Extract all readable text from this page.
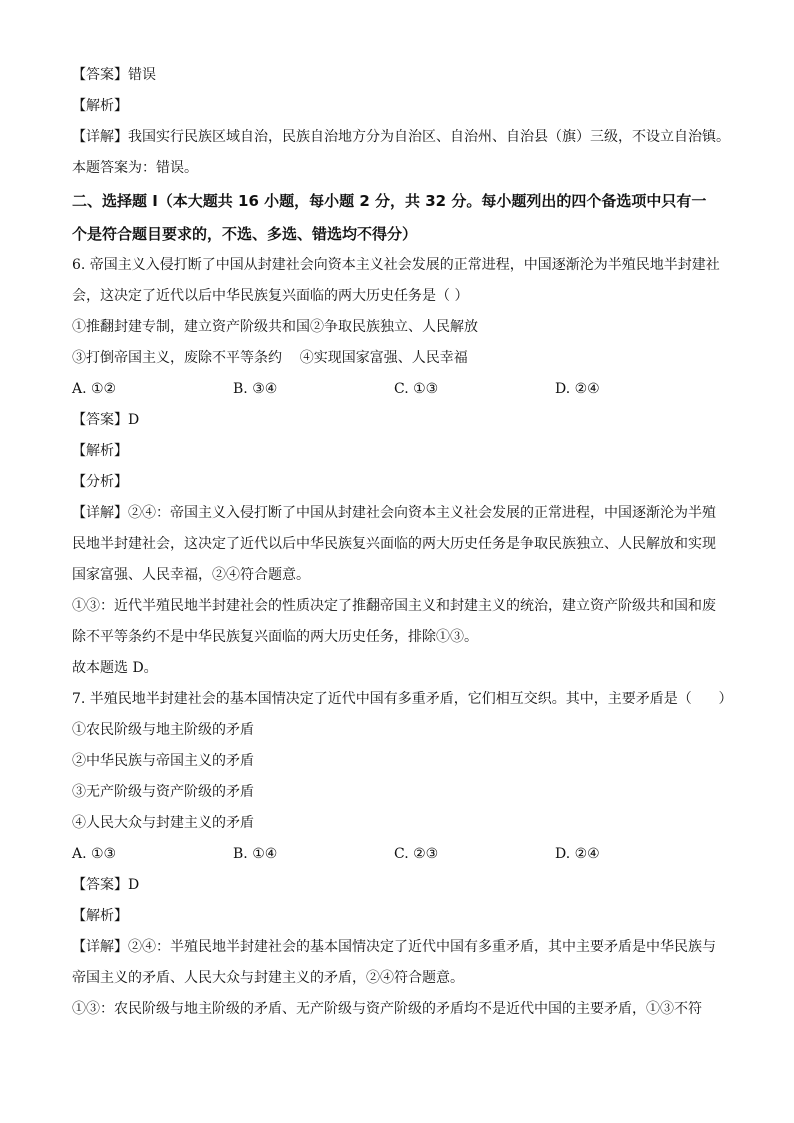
【答案】错误
【解析】
【详解】我国实行民族区域自治，民族自治地方分为自治区、自治州、自治县（旗）三级，不设立自治镇。
本题答案为：错误。
二、选择题 I（本大题共 16 小题，每小题 2 分，共 32 分。每小题列出的四个备选项中只有一
个是符合题目要求的，不选、多选、错选均不得分）
6. 帝国主义入侵打断了中国从封建社会向资本主义社会发展的正常进程，中国逐渐沦为半殖民地半封建社
会，这决定了近代以后中华民族复兴面临的两大历史任务是（ ）
①推翻封建专制，建立资产阶级共和国②争取民族独立、人民解放
③打倒帝国主义，废除不平等条约    ④实现国家富强、人民幸福
A. ①②	B. ③④	C. ①③	D. ②④
【答案】D
【解析】
【分析】
【详解】②④：帝国主义入侵打断了中国从封建社会向资本主义社会发展的正常进程，中国逐渐沦为半殖
民地半封建社会，这决定了近代以后中华民族复兴面临的两大历史任务是争取民族独立、人民解放和实现
国家富强、人民幸福，②④符合题意。
①③：近代半殖民地半封建社会的性质决定了推翻帝国主义和封建主义的统治，建立资产阶级共和国和废
除不平等条约不是中华民族复兴面临的两大历史任务，排除①③。
故本题选 D。
7. 半殖民地半封建社会的基本国情决定了近代中国有多重矛盾，它们相互交织。其中，主要矛盾是（      ）
①农民阶级与地主阶级的矛盾
②中华民族与帝国主义的矛盾
③无产阶级与资产阶级的矛盾
④人民大众与封建主义的矛盾
A. ①③	B. ①④	C. ②③	D. ②④
【答案】D
【解析】
【详解】②④：半殖民地半封建社会的基本国情决定了近代中国有多重矛盾，其中主要矛盾是中华民族与
帝国主义的矛盾、人民大众与封建主义的矛盾，②④符合题意。
①③：农民阶级与地主阶级的矛盾、无产阶级与资产阶级的矛盾均不是近代中国的主要矛盾，①③不符
